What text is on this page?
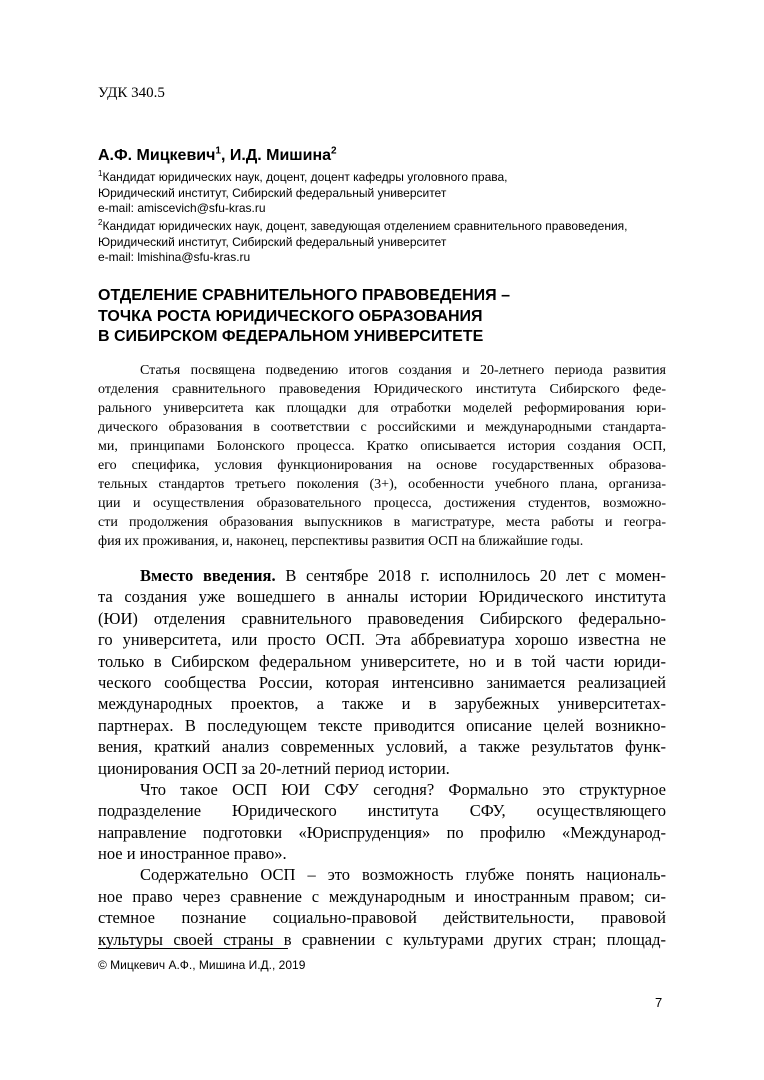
УДК 340.5
А.Ф. Мицкевич$^1$, И.Д. Мишина$^2$
$^1$Кандидат юридических наук, доцент, доцент кафедры уголовного права,
Юридический институт, Сибирский федеральный университет
e-mail: amiscevich@sfu-kras.ru
$^2$Кандидат юридических наук, доцент, заведующая отделением сравнительного правоведения,
Юридический институт, Сибирский федеральный университет
e-mail: lmishina@sfu-kras.ru
ОТДЕЛЕНИЕ СРАВНИТЕЛЬНОГО ПРАВОВЕДЕНИЯ –
ТОЧКА РОСТА ЮРИДИЧЕСКОГО ОБРАЗОВАНИЯ
В СИБИРСКОМ ФЕДЕРАЛЬНОМ УНИВЕРСИТЕТЕ
Статья посвящена подведению итогов создания и 20-летнего периода развития
отделения сравнительного правоведения Юридического института Сибирского феде-
рального университета как площадки для отработки моделей реформирования юри-
дического образования в соответствии с российскими и международными стандарта-
ми, принципами Болонского процесса. Кратко описывается история создания ОСП,
его специфика, условия функционирования на основе государственных образова-
тельных стандартов третьего поколения (3+), особенности учебного плана, организа-
ции и осуществления образовательного процесса, достижения студентов, возможно-
сти продолжения образования выпускников в магистратуре, места работы и геогра-
фия их проживания, и, наконец, перспективы развития ОСП на ближайшие годы.
Вместо введения. В сентябре 2018 г. исполнилось 20 лет с момен-
та создания уже вошедшего в анналы истории Юридического института
(ЮИ) отделения сравнительного правоведения Сибирского федерально-
го университета, или просто ОСП. Эта аббревиатура хорошо известна не
только в Сибирском федеральном университете, но и в той части юриди-
ческого сообщества России, которая интенсивно занимается реализацией
международных проектов, а также и в зарубежных университетах-
партнерах. В последующем тексте приводится описание целей возникно-
вения, краткий анализ современных условий, а также результатов функ-
ционирования ОСП за 20-летний период истории.
Что такое ОСП ЮИ СФУ сегодня? Формально это структурное
подразделение Юридического института СФУ, осуществляющего
направление подготовки «Юриспруденция» по профилю «Международ-
ное и иностранное право».
Содержательно ОСП – это возможность глубже понять националь-
ное право через сравнение с международным и иностранным правом; си-
стемное познание социально-правовой действительности, правовой
культуры своей страны в сравнении с культурами других стран; площад-
© Мицкевич А.Ф., Мишина И.Д., 2019
7
